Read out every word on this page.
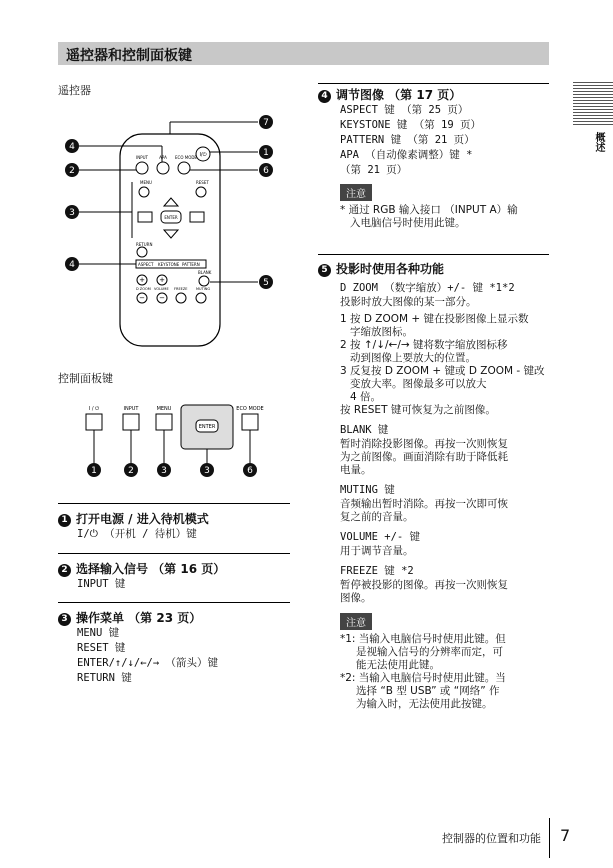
遥控器和控制面板键
概述
遥控器
I/⏻
INPUT	APA ECO MODE
MENU	RESET
ENTER
RETURN
ASPECT KEYSTONE PATTERN
BLANK
+ +
D ZOOM VOLUME FREEZE MUTING
− −
4
2
3
4
7
1
6
5
控制面板键
I / ⏻	INPUT	MENU
ENTER
ECO MODE
1	2	3	3	6
1 打开电源 / 进入待机模式
I/⏻ （开机 / 待机）键
2 选择输入信号 （第 16 页）
INPUT 键
3 操作菜单 （第 23 页）
MENU 键
RESET 键
ENTER/↑/↓/←/→ （箭头）键
RETURN 键
4 调节图像 （第 17 页）
ASPECT 键 （第 25 页）
KEYSTONE 键 （第 19 页）
PATTERN 键 （第 21 页）
APA （自动像素调整）键 *
（第 21 页）
注意
* 通过 RGB 输入接口 （INPUT A）输
入电脑信号时使用此键。
5 投影时使用各种功能
D ZOOM （数字缩放）+/- 键 *1*2
投影时放大图像的某一部分。
1 按 D ZOOM + 键在投影图像上显示数
字缩放图标。
2 按 ↑/↓/←/→ 键将数字缩放图标移
动到图像上要放大的位置。
3 反复按 D ZOOM + 键或 D ZOOM - 键改
变放大率。图像最多可以放大
4 倍。
按 RESET 键可恢复为之前图像。
BLANK 键
暂时消除投影图像。再按一次则恢复
为之前图像。画面消除有助于降低耗
电量。
MUTING 键
音频输出暂时消除。再按一次即可恢
复之前的音量。
VOLUME +/- 键
用于调节音量。
FREEZE 键 *2
暂停被投影的图像。再按一次则恢复
图像。
注意
*1: 当输入电脑信号时使用此键。但
是视输入信号的分辨率而定，可
能无法使用此键。
*2: 当输入电脑信号时使用此键。当
选择 “B 型 USB” 或 “网络” 作
为输入时，无法使用此按键。
控制器的位置和功能 7
